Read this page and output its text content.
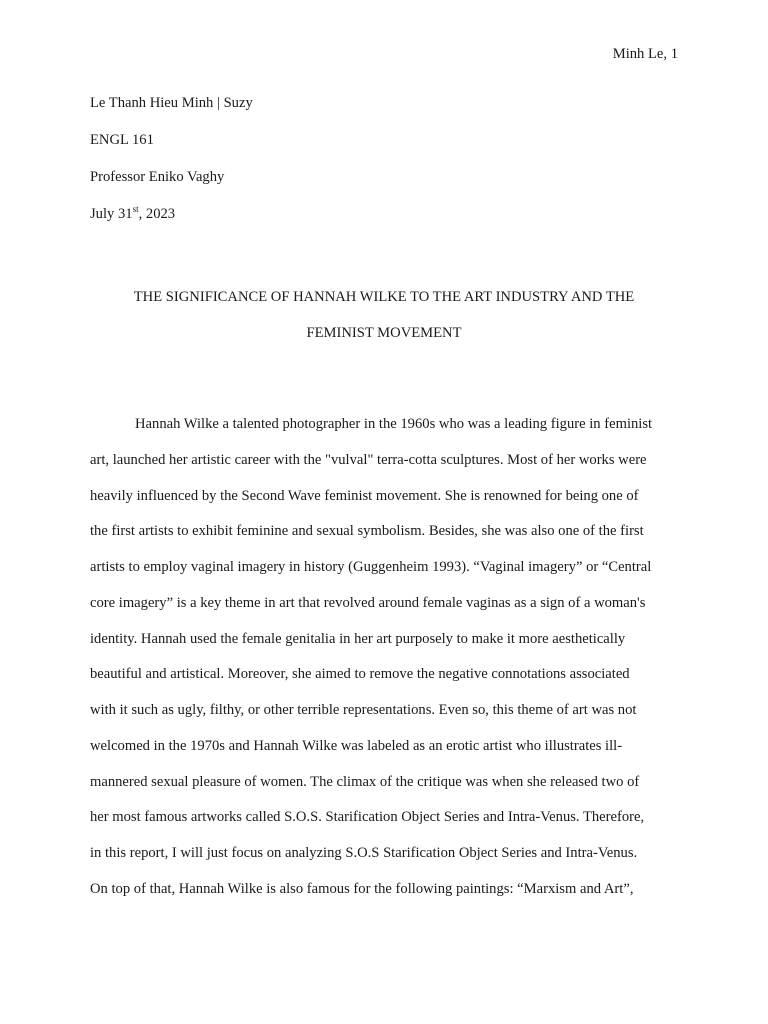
Minh Le, 1
Le Thanh Hieu Minh | Suzy
ENGL 161
Professor Eniko Vaghy
July 31st, 2023
THE SIGNIFICANCE OF HANNAH WILKE TO THE ART INDUSTRY AND THE
FEMINIST MOVEMENT
Hannah Wilke a talented photographer in the 1960s who was a leading figure in feminist
art, launched her artistic career with the "vulval" terra-cotta sculptures. Most of her works were
heavily influenced by the Second Wave feminist movement. She is renowned for being one of
the first artists to exhibit feminine and sexual symbolism. Besides, she was also one of the first
artists to employ vaginal imagery in history (Guggenheim 1993). “Vaginal imagery” or “Central
core imagery” is a key theme in art that revolved around female vaginas as a sign of a woman's
identity. Hannah used the female genitalia in her art purposely to make it more aesthetically
beautiful and artistical. Moreover, she aimed to remove the negative connotations associated
with it such as ugly, filthy, or other terrible representations. Even so, this theme of art was not
welcomed in the 1970s and Hannah Wilke was labeled as an erotic artist who illustrates ill-
mannered sexual pleasure of women. The climax of the critique was when she released two of
her most famous artworks called S.O.S. Starification Object Series and Intra-Venus. Therefore,
in this report, I will just focus on analyzing S.O.S Starification Object Series and Intra-Venus.
On top of that, Hannah Wilke is also famous for the following paintings: “Marxism and Art”,
